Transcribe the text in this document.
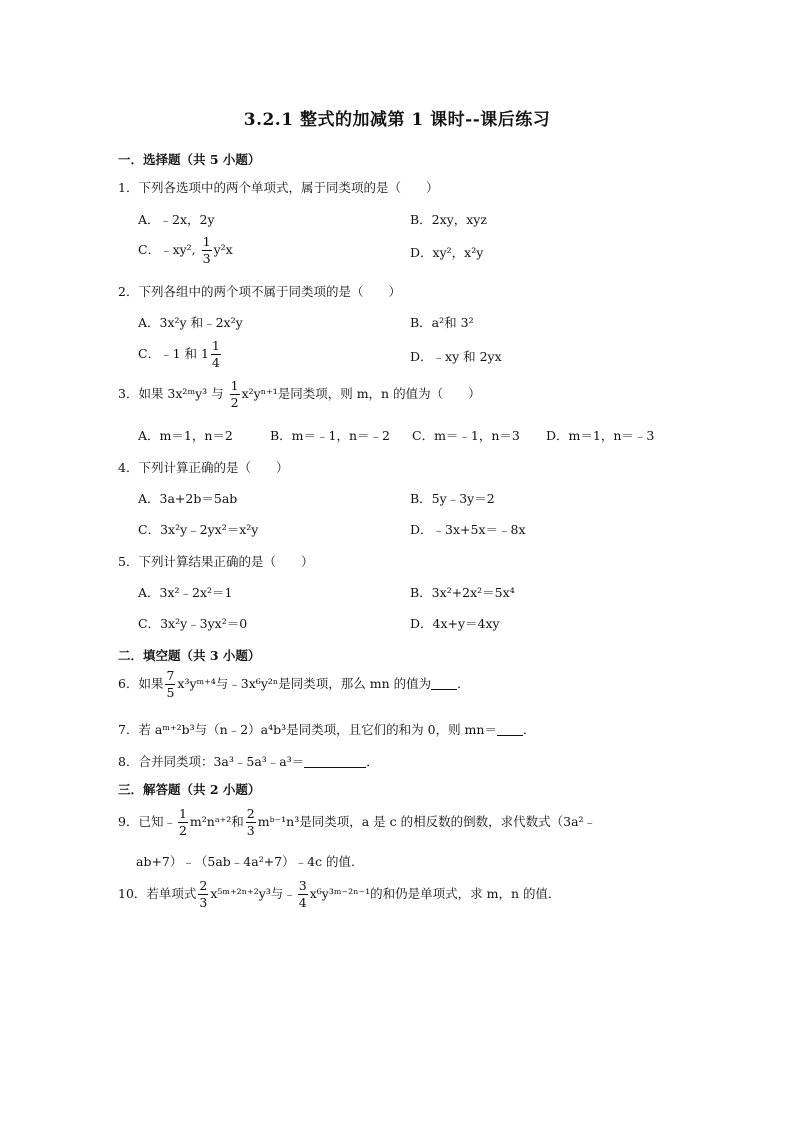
3.2.1 整式的加减第 1 课时--课后练习
一．选择题（共 5 小题）
1．下列各选项中的两个单项式，属于同类项的是（　　）
A．﹣2x，2y	B．2xy，xyz
C．﹣xy², $\frac{1}{3} y^2x$	D．xy²，x²y
2．下列各组中的两个项不属于同类项的是（　　）
A．3x²y 和﹣2x²y	B．a²和 3²
C．﹣1 和 $1 \frac{1}{4}$	D．﹣xy 和 2yx
3．如果 3x²ᵐy³ 与 $\frac{1}{2} x^2y^{n+1}$是同类项，则 m，n 的值为（　　）
A．m＝1，n＝2	B．m＝﹣1，n＝﹣2 C．m＝﹣1，n＝3 D．m＝1，n＝﹣3
4．下列计算正确的是（　　）
A．3a+2b＝5ab	B．5y﹣3y＝2
C．3x²y﹣2yx²＝x²y	D．﹣3x+5x＝﹣8x
5．下列计算结果正确的是（　　）
A．3x²﹣2x²＝1	B．3x²+2x²＝5x⁴
C．3x²y﹣3yx²＝0	D．4x+y＝4xy
二．填空题（共 3 小题）
6．如果 $\frac{7}{5}$ x³yᵐ⁺⁴与﹣3x⁶y²ⁿ是同类项，那么 mn 的值为 ．
7．若 aᵐ⁺²b³与（n﹣2）a⁴b³是同类项，且它们的和为 0，则 mn＝ ．
8．合并同类项：3a³﹣5a³﹣a³＝	．
三．解答题（共 2 小题）
9．已知﹣ $\frac{1}{2}$ m²nᵃ⁺²和 $\frac{2}{3}$ mᵇ⁻¹n³是同类项，a 是 c 的相反数的倒数，求代数式（3a²﹣
ab+7）﹣（5ab﹣4a²+7）﹣4c 的值．
10．若单项式 $\frac{2}{3}$ x⁵ᵐ⁺²ⁿ⁺²y³与﹣ $\frac{3}{4}$ x⁶y³ᵐ⁻²ⁿ⁻¹的和仍是单项式，求 m，n 的值．
